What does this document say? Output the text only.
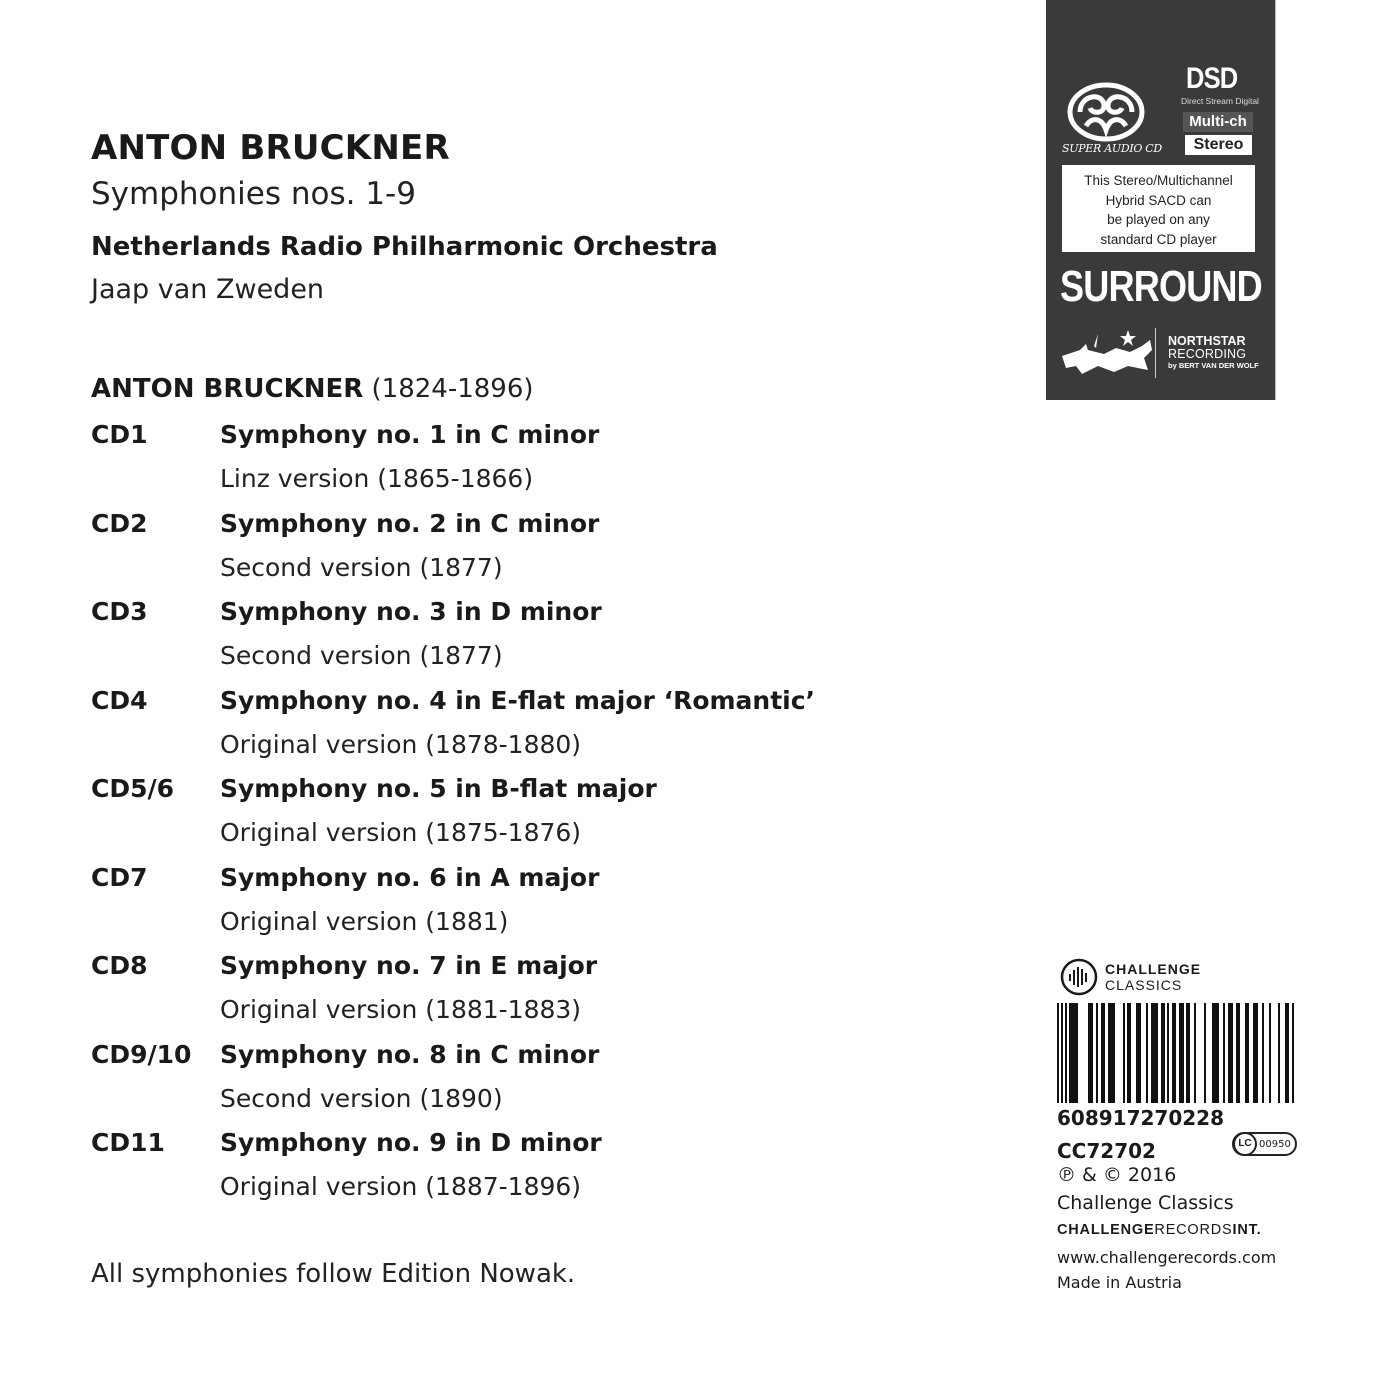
ANTON BRUCKNER
Symphonies nos. 1-9
Netherlands Radio Philharmonic Orchestra
Jaap van Zweden
ANTON BRUCKNER (1824-1896)
CD1	Symphony no. 1 in C minor
Linz version (1865-1866)
CD2	Symphony no. 2 in C minor
Second version (1877)
CD3	Symphony no. 3 in D minor
Second version (1877)
CD4	Symphony no. 4 in E-flat major ‘Romantic’
Original version (1878-1880)
CD5/6 Symphony no. 5 in B-flat major
Original version (1875-1876)
CD7	Symphony no. 6 in A major
Original version (1881)
CD8	Symphony no. 7 in E major
Original version (1881-1883)
CD9/10 Symphony no. 8 in C minor
Second version (1890)
CD11 Symphony no. 9 in D minor
Original version (1887-1896)
All symphonies follow Edition Nowak.
SUPER AUDIO CD
DSD
Direct Stream Digital
Multi-ch
Stereo
This Stereo/Multichannel
Hybrid SACD can
be played on any
standard CD player
SURROUND
NORTHSTAR
RECORDING
by BERT VAN DER WOLF
CHALLENGE
CLASSICS
608917270228
CC72702	LC 00950
℗ & © 2016
Challenge Classics
CHALLENGERECORDSINT.
www.challengerecords.com
Made in Austria
